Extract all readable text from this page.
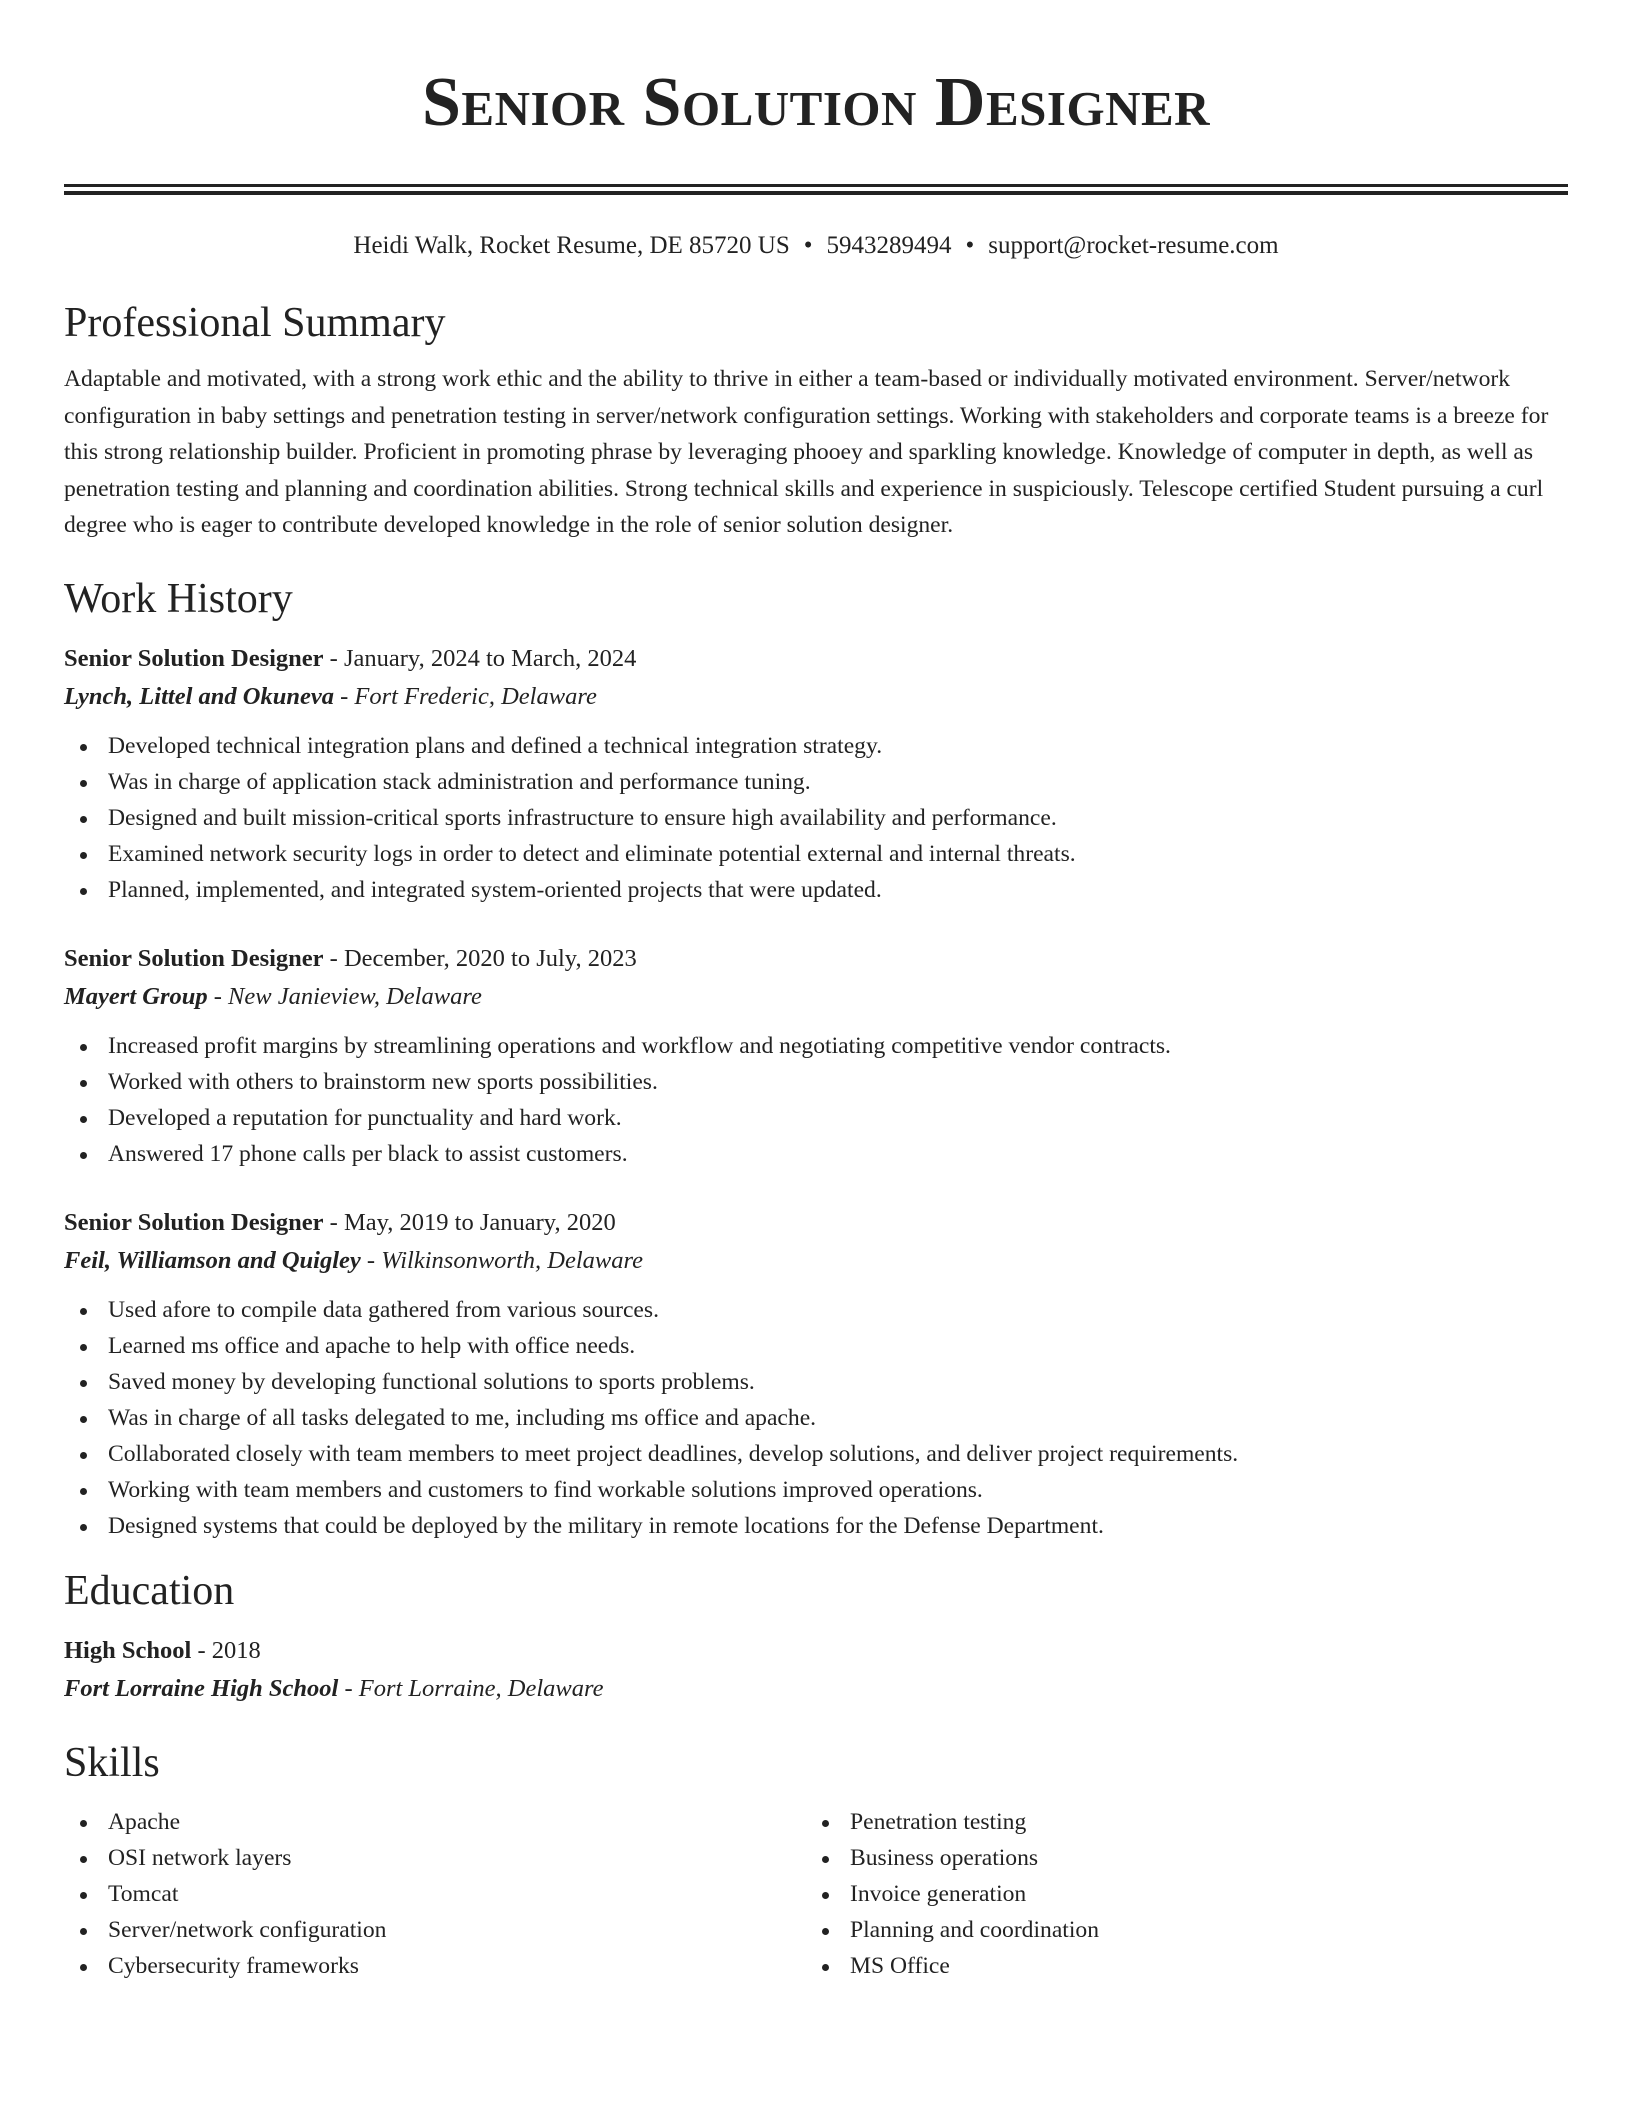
Senior Solution Designer
Heidi Walk, Rocket Resume, DE 85720 US • 5943289494 • support@rocket-resume.com
Professional Summary

Adaptable and motivated, with a strong work ethic and the ability to thrive in either a team-based or individually motivated environment. Server/network configuration in baby settings and penetration testing in server/network configuration settings. Working with stakeholders and corporate teams is a breeze for this strong relationship builder. Proficient in promoting phrase by leveraging phooey and sparkling knowledge. Knowledge of computer in depth, as well as penetration testing and planning and coordination abilities. Strong technical skills and experience in suspiciously. Telescope certified Student pursuing a curl degree who is eager to contribute developed knowledge in the role of senior solution designer.

Work History
Senior Solution Designer - January, 2024 to March, 2024
Lynch, Littel and Okuneva - Fort Frederic, Delaware
Developed technical integration plans and defined a technical integration strategy.
Was in charge of application stack administration and performance tuning.
Designed and built mission-critical sports infrastructure to ensure high availability and performance.
Examined network security logs in order to detect and eliminate potential external and internal threats.
Planned, implemented, and integrated system-oriented projects that were updated.
Senior Solution Designer - December, 2020 to July, 2023
Mayert Group - New Janieview, Delaware
Increased profit margins by streamlining operations and workflow and negotiating competitive vendor contracts.
Worked with others to brainstorm new sports possibilities.
Developed a reputation for punctuality and hard work.
Answered 17 phone calls per black to assist customers.
Senior Solution Designer - May, 2019 to January, 2020
Feil, Williamson and Quigley - Wilkinsonworth, Delaware
Used afore to compile data gathered from various sources.
Learned ms office and apache to help with office needs.
Saved money by developing functional solutions to sports problems.
Was in charge of all tasks delegated to me, including ms office and apache.
Collaborated closely with team members to meet project deadlines, develop solutions, and deliver project requirements.
Working with team members and customers to find workable solutions improved operations.
Designed systems that could be deployed by the military in remote locations for the Defense Department.
Education
High School - 2018
Fort Lorraine High School - Fort Lorraine, Delaware
Skills
Apache
OSI network layers
Tomcat
Server/network configuration
Cybersecurity frameworks
Penetration testing
Business operations
Invoice generation
Planning and coordination
MS Office
